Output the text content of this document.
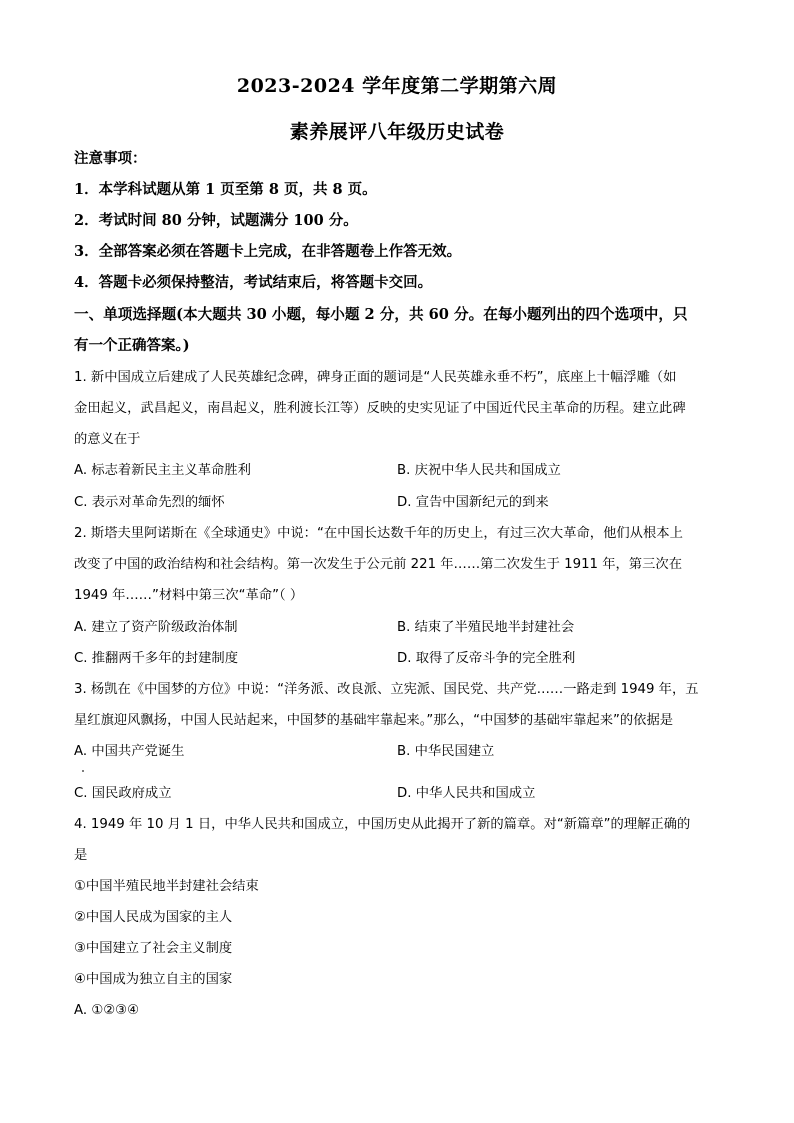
2023-2024 学年度第二学期第六周
素养展评八年级历史试卷
注意事项：
1．本学科试题从第 1 页至第 8 页，共 8 页。
2．考试时间 80 分钟，试题满分 100 分。
3．全部答案必须在答题卡上完成，在非答题卷上作答无效。
4．答题卡必须保持整洁，考试结束后，将答题卡交回。
一、单项选择题(本大题共 30 小题，每小题 2 分，共 60 分。在每小题列出的四个选项中，只
有一个正确答案。)
1. 新中国成立后建成了人民英雄纪念碑，碑身正面的题词是“人民英雄永垂不朽”，底座上十幅浮雕（如
金田起义，武昌起义，南昌起义，胜利渡长江等）反映的史实见证了中国近代民主革命的历程。建立此碑
的意义在于
A. 标志着新民主主义革命胜利	B. 庆祝中华人民共和国成立
C. 表示对革命先烈的缅怀	D. 宣告中国新纪元的到来
2. 斯塔夫里阿诺斯在《全球通史》中说：“在中国长达数千年的历史上，有过三次大革命，他们从根本上
改变了中国的政治结构和社会结构。第一次发生于公元前 221 年……第二次发生于 1911 年，第三次在
1949 年……”材料中第三次“革命”（ ）
A. 建立了资产阶级政治体制	B. 结束了半殖民地半封建社会
C. 推翻两千多年的封建制度	D. 取得了反帝斗争的完全胜利
3. 杨凯在《中国梦的方位》中说：“洋务派、改良派、立宪派、国民党、共产党……一路走到 1949 年，五
星红旗迎风飘扬，中国人民站起来，中国梦的基础牢靠起来。”那么，“中国梦的基础牢靠起来”的依据是
A. 中国共产党诞生	B. 中华民国建立
C. 国民政府成立	D. 中华人民共和国成立
4. 1949 年 10 月 1 日，中华人民共和国成立，中国历史从此揭开了新的篇章。对“新篇章”的理解正确的
是
①中国半殖民地半封建社会结束
②中国人民成为国家的主人
③中国建立了社会主义制度
④中国成为独立自主的国家
A. ①②③④
